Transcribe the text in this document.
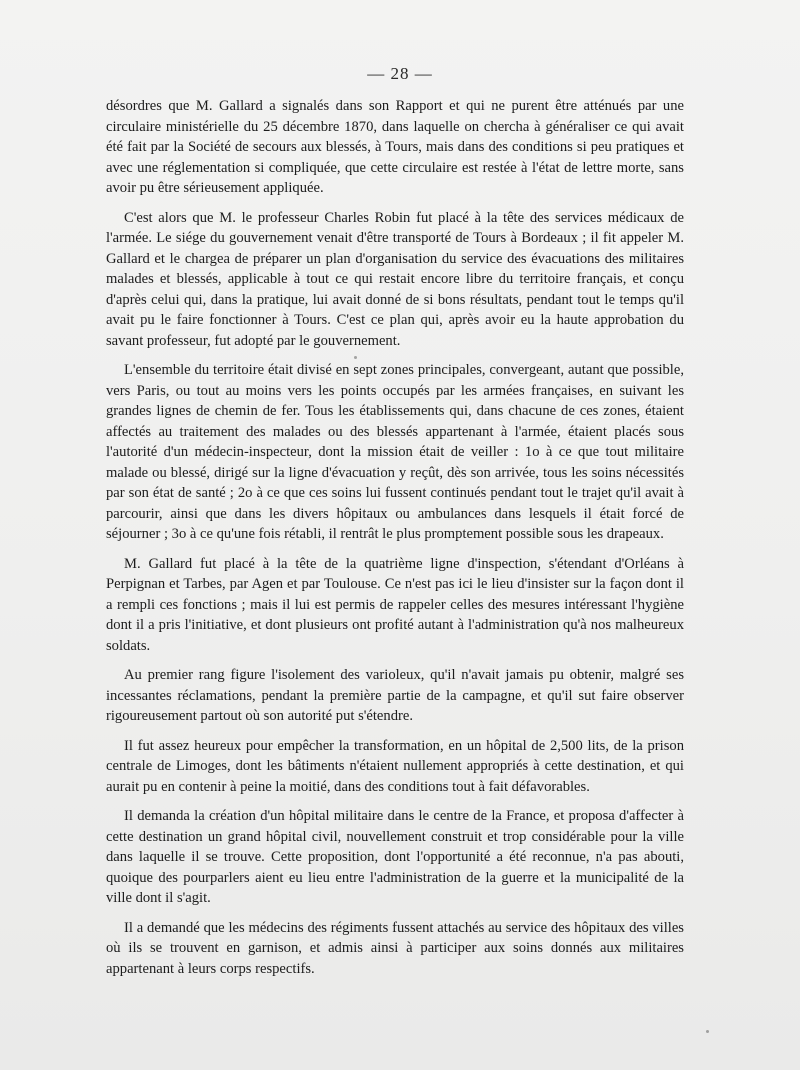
— 28 —

désordres que M. Gallard a signalés dans son Rapport et qui ne purent être atténués par une circulaire ministérielle du 25 décembre 1870, dans laquelle on chercha à généraliser ce qui avait été fait par la Société de secours aux blessés, à Tours, mais dans des conditions si peu pratiques et avec une réglementation si compliquée, que cette circulaire est restée à l'état de lettre morte, sans avoir pu être sérieusement appliquée.

C'est alors que M. le professeur Charles Robin fut placé à la tête des services médicaux de l'armée. Le siége du gouvernement venait d'être transporté de Tours à Bordeaux ; il fit appeler M. Gallard et le chargea de préparer un plan d'organisation du service des évacuations des militaires malades et blessés, applicable à tout ce qui restait encore libre du territoire français, et conçu d'après celui qui, dans la pratique, lui avait donné de si bons résultats, pendant tout le temps qu'il avait pu le faire fonctionner à Tours. C'est ce plan qui, après avoir eu la haute approbation du savant professeur, fut adopté par le gouvernement.

L'ensemble du territoire était divisé en sept zones principales, convergeant, autant que possible, vers Paris, ou tout au moins vers les points occupés par les armées françaises, en suivant les grandes lignes de chemin de fer. Tous les établissements qui, dans chacune de ces zones, étaient affectés au traitement des malades ou des blessés appartenant à l'armée, étaient placés sous l'autorité d'un médecin-inspecteur, dont la mission était de veiller : 1o à ce que tout militaire malade ou blessé, dirigé sur la ligne d'évacuation y reçût, dès son arrivée, tous les soins nécessités par son état de santé ; 2o à ce que ces soins lui fussent continués pendant tout le trajet qu'il avait à parcourir, ainsi que dans les divers hôpitaux ou ambulances dans lesquels il était forcé de séjourner ; 3o à ce qu'une fois rétabli, il rentrât le plus promptement possible sous les drapeaux.

M. Gallard fut placé à la tête de la quatrième ligne d'inspection, s'étendant d'Orléans à Perpignan et Tarbes, par Agen et par Toulouse. Ce n'est pas ici le lieu d'insister sur la façon dont il a rempli ces fonctions ; mais il lui est permis de rappeler celles des mesures intéressant l'hygiène dont il a pris l'initiative, et dont plusieurs ont profité autant à l'administration qu'à nos malheureux soldats.

Au premier rang figure l'isolement des varioleux, qu'il n'avait jamais pu obtenir, malgré ses incessantes réclamations, pendant la première partie de la campagne, et qu'il sut faire observer rigoureusement partout où son autorité put s'étendre.

Il fut assez heureux pour empêcher la transformation, en un hôpital de 2,500 lits, de la prison centrale de Limoges, dont les bâtiments n'étaient nullement appropriés à cette destination, et qui aurait pu en contenir à peine la moitié, dans des conditions tout à fait défavorables.

Il demanda la création d'un hôpital militaire dans le centre de la France, et proposa d'affecter à cette destination un grand hôpital civil, nouvellement construit et trop considérable pour la ville dans laquelle il se trouve. Cette proposition, dont l'opportunité a été reconnue, n'a pas abouti, quoique des pourparlers aient eu lieu entre l'administration de la guerre et la municipalité de la ville dont il s'agit.

Il a demandé que les médecins des régiments fussent attachés au service des hôpitaux des villes où ils se trouvent en garnison, et admis ainsi à participer aux soins donnés aux militaires appartenant à leurs corps respectifs.
